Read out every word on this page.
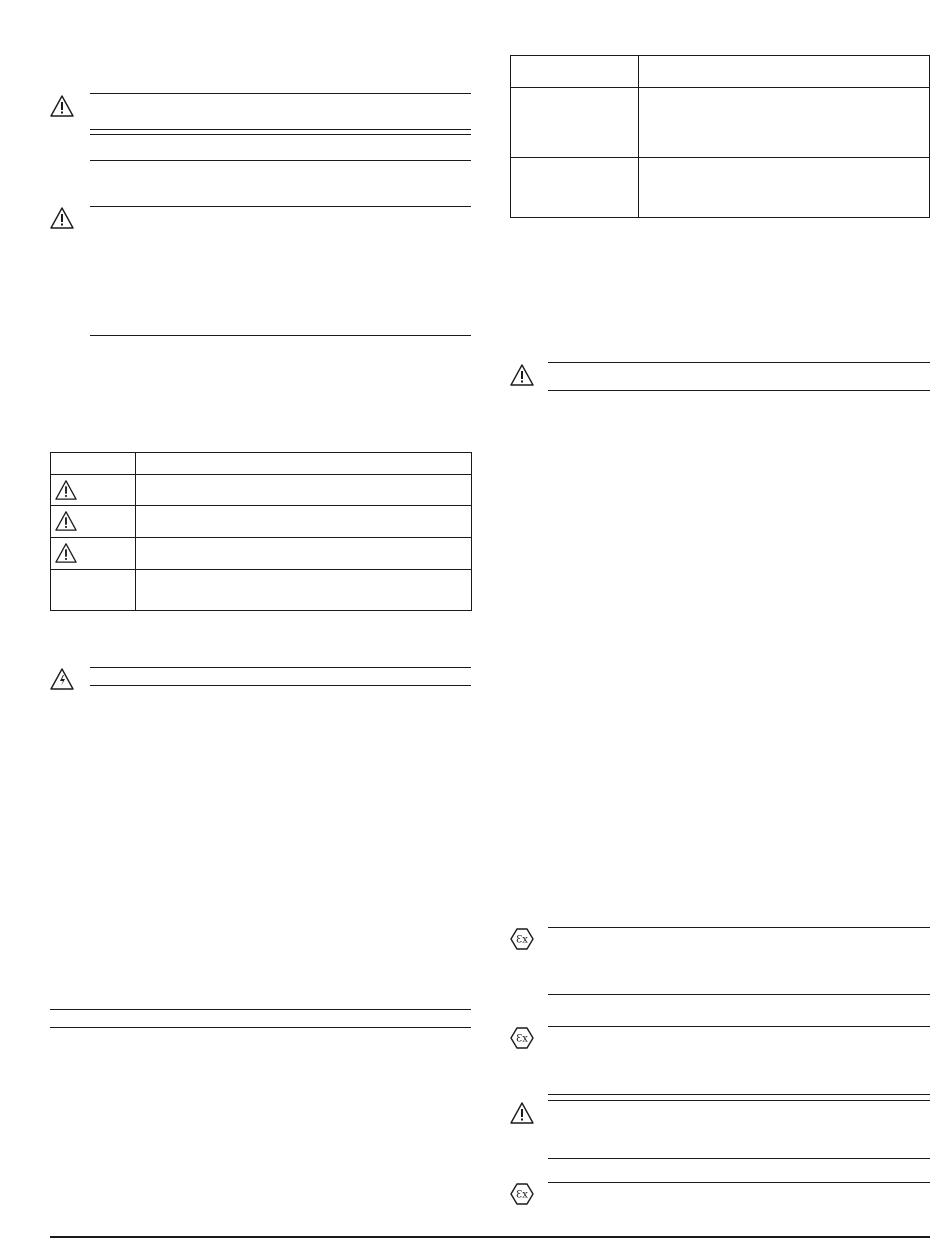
Ɛx
Ɛx
Ɛx
